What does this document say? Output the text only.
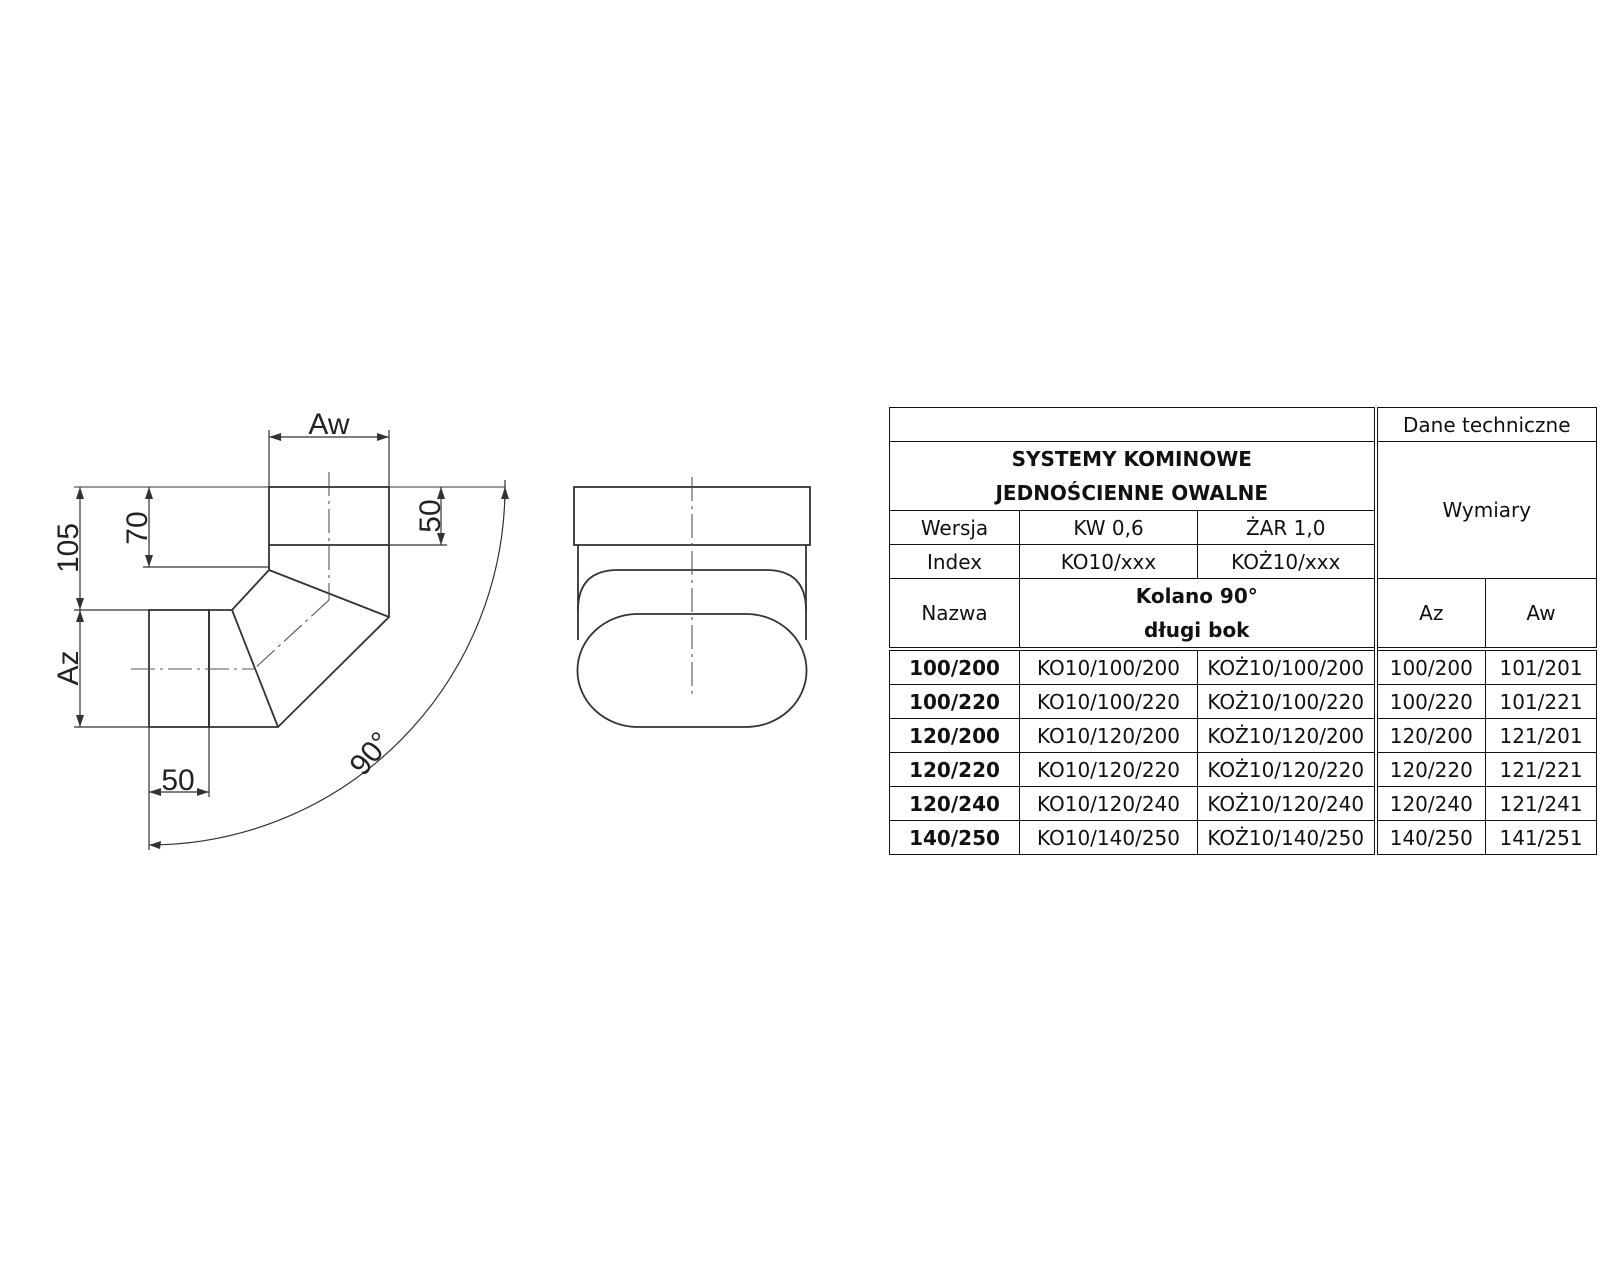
Aw
105 70	50
Az
50	90°
			Dane techniczne	

SYSTEMY KOMINOWE
JEDNOŚCIENNE OWALNE			Wymiary	
Wersja	KW 0,6	ŻAR 1,0		
Index	KO10/xxx	KOŻ10/xxx		
Nazwa	Kolano 90°
długi bok		Az	Aw
100/200	KO10/100/200	KOŻ10/100/200	100/200	101/201
100/220	KO10/100/220	KOŻ10/100/220	100/220	101/221
120/200	KO10/120/200	KOŻ10/120/200	120/200	121/201
120/220	KO10/120/220	KOŻ10/120/220	120/220	121/221
120/240	KO10/120/240	KOŻ10/120/240	120/240	121/241
140/250	KO10/140/250	KOŻ10/140/250	140/250	141/251
